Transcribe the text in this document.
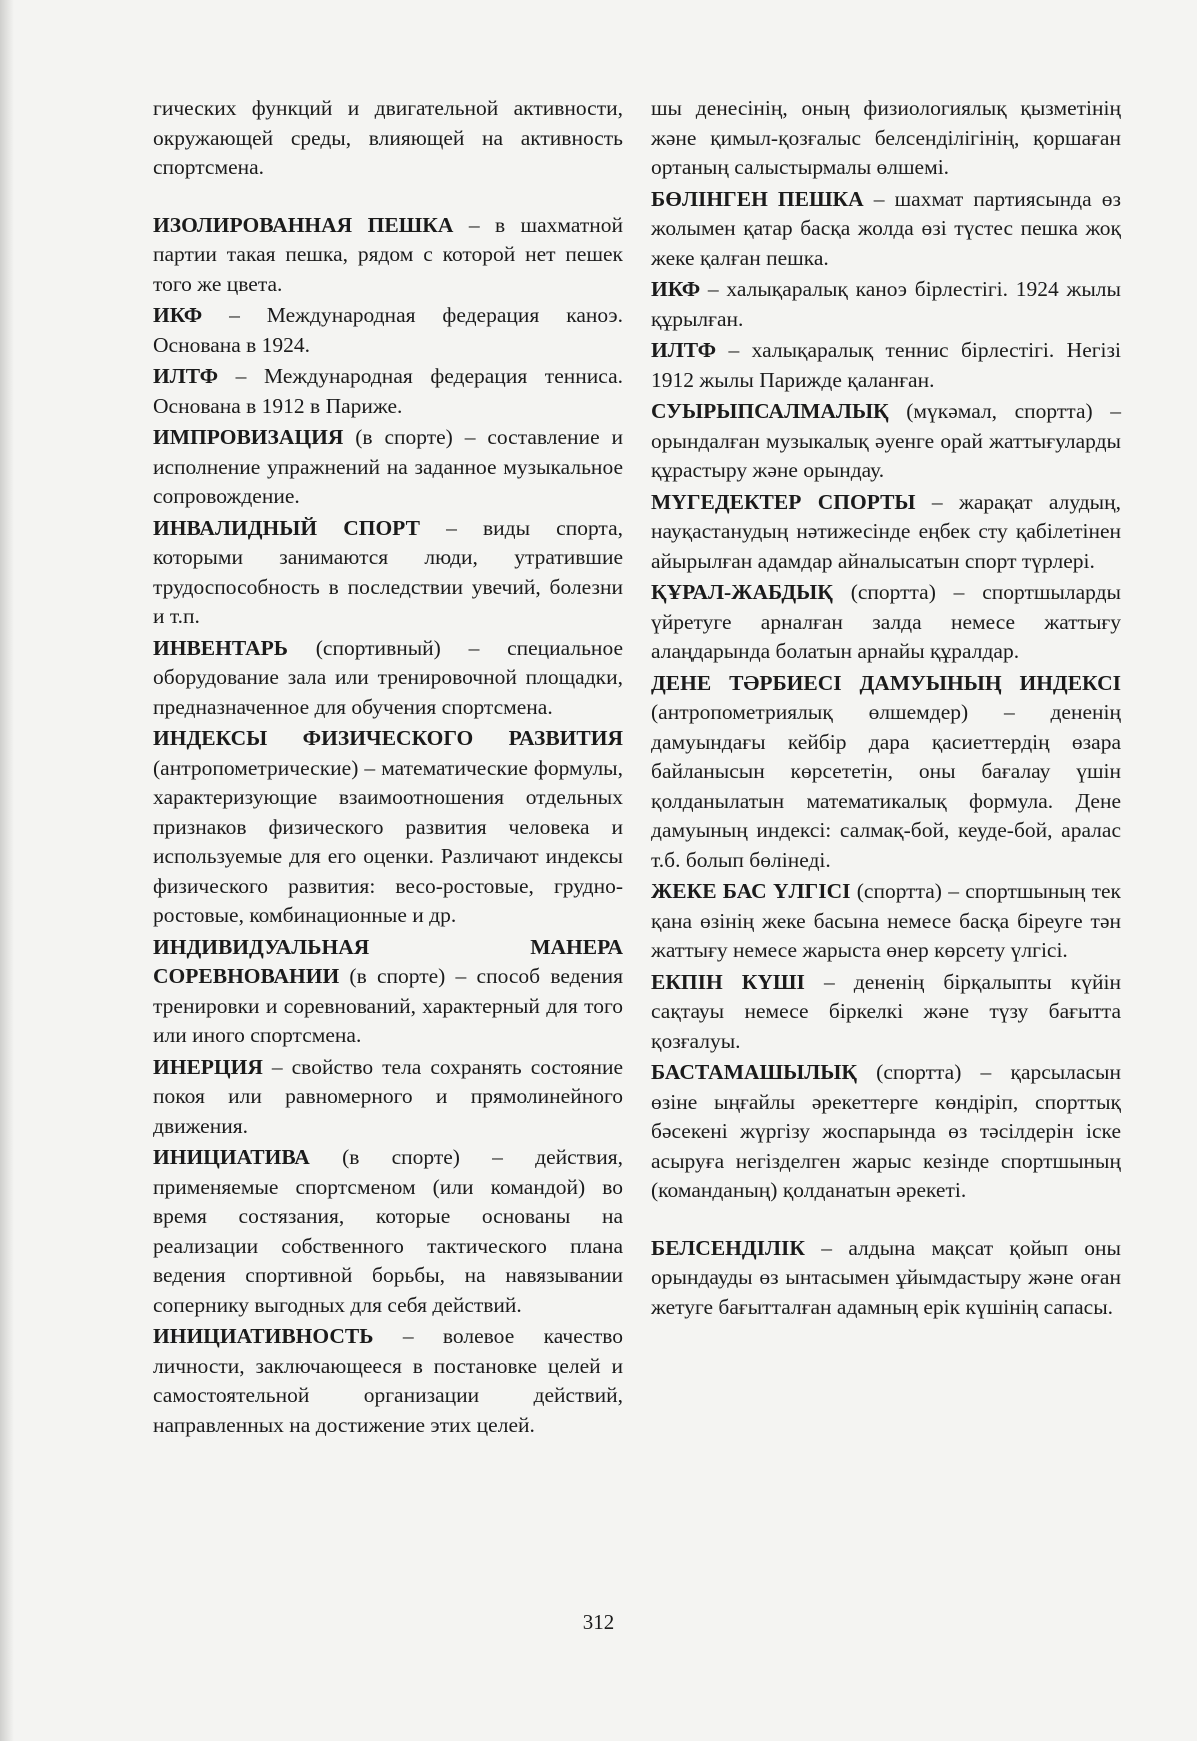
гических функций и двигательной активности, окружающей среды, влияющей на активность спортсмена.

ИЗОЛИРОВАННАЯ ПЕШКА – в шахматной партии такая пешка, рядом с которой нет пешек того же цвета.

ИКФ – Международная федерация каноэ. Основана в 1924.

ИЛТФ – Международная федерация тенниса. Основана в 1912 в Париже.

ИМПРОВИЗАЦИЯ (в спорте) – составление и исполнение упражнений на заданное музыкальное сопровождение.

ИНВАЛИДНЫЙ СПОРТ – виды спорта, которыми занимаются люди, утратившие трудоспособность в последствии увечий, болезни и т.п.

ИНВЕНТАРЬ (спортивный) – специальное оборудование зала или тренировочной площадки, предназначенное для обучения спортсмена.

ИНДЕКСЫ ФИЗИЧЕСКОГО РАЗВИТИЯ (антропометрические) – математические формулы, характеризующие взаимоотношения отдельных признаков физического развития человека и используемые для его оценки. Различают индексы физического развития: весо-ростовые, грудно-ростовые, комбинационные и др.

ИНДИВИДУАЛЬНАЯ МАНЕРА СОРЕВНОВАНИИ (в спорте) – способ ведения тренировки и соревнований, характерный для того или иного спортсмена.

ИНЕРЦИЯ – свойство тела сохранять состояние покоя или равномерного и прямолинейного движения.

ИНИЦИАТИВА (в спорте) – действия, применяемые спортсменом (или командой) во время состязания, которые основаны на реализации собственного тактического плана ведения спортивной борьбы, на навязывании сопернику выгодных для себя действий.

ИНИЦИАТИВНОСТЬ – волевое качество личности, заключающееся в постановке целей и самостоятельной организации действий, направленных на достижение этих целей.

шы денесінің, оның физиологиялық қызметінің және қимыл-қозғалыс белсенділігінің, қоршаған ортаның салыстырмалы өлшемі.

БӨЛІНГЕН ПЕШКА – шахмат партиясында өз жолымен қатар басқа жолда өзі түстес пешка жоқ жеке қалған пешка.

ИКФ – халықаралық каноэ бірлестігі. 1924 жылы құрылған.

ИЛТФ – халықаралық теннис бірлестігі. Негізі 1912 жылы Парижде қаланған.

СУЫРЫПСАЛМАЛЫҚ (мүкəмал, спортта) – орындалған музыкалық əуенге орай жаттығуларды құрастыру жəне орындау.

МҮГЕДЕКТЕР СПОРТЫ – жарақат алудың, науқастанудың нəтижесінде еңбек сту қабілетінен айырылған адамдар айналысатын спорт түрлері.

ҚҰРАЛ-ЖАБДЫҚ (спортта) – спортшыларды үйретуге арналған залда немесе жаттығу алаңдарында болатын арнайы құралдар.

ДЕНЕ ТƏРБИЕСІ ДАМУЫНЫҢ ИНДЕКСІ (антропометриялық өлшемдер) – дененің дамуындағы кейбір дара қасиеттердің өзара байланысын көрсететін, оны бағалау үшін қолданылатын математикалық формула. Дене дамуының индексі: салмақ-бой, кеуде-бой, аралас т.б. болып бөлінеді.

ЖЕКЕ БАС ҮЛГІСІ (спортта) – спортшының тек қана өзінің жеке басына немесе басқа біреуге тəн жаттығу немесе жарыста өнер көрсету үлгісі.

ЕКПІН КҮШІ – дененің бірқалыпты күйін сақтауы немесе біркелкі жəне түзу бағытта қозғалуы.

БАСТАМАШЫЛЫҚ (спортта) – қарсыласын өзіне ыңғайлы əрекеттерге көндіріп, спорттық бəсекені жүргізу жоспарында өз тəсілдерін іске асыруға негізделген жарыс кезінде спортшының (команданың) қолданатын əрекеті.

БЕЛСЕНДІЛІК – алдына мақсат қойып оны орындауды өз ынтасымен ұйымдастыру жəне оған жетуге бағытталған адамның ерік күшінің сапасы.

312
